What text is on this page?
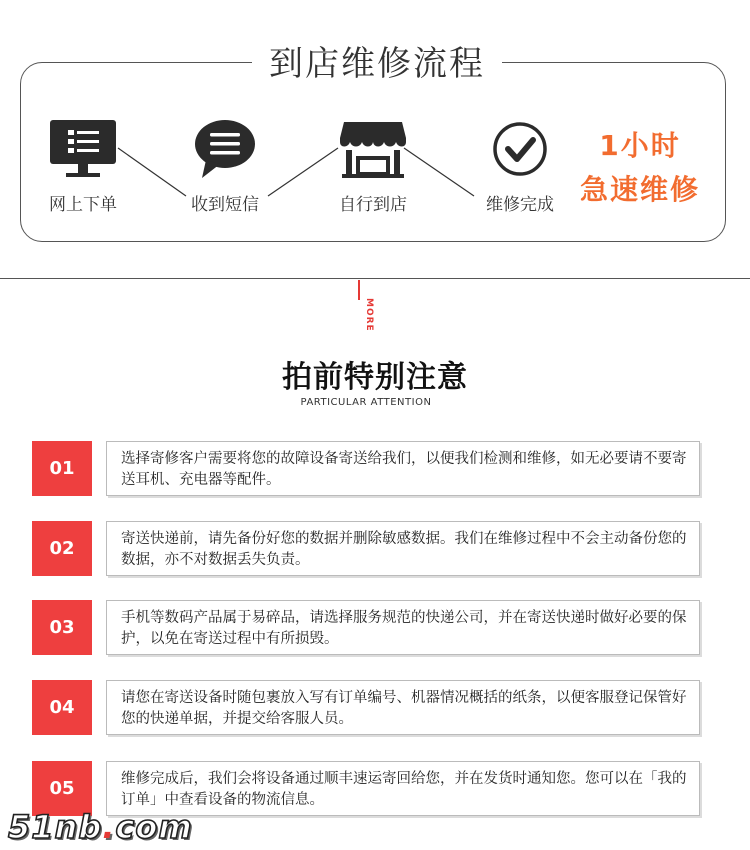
到店维修流程
网上下单	收到短信	自行到店	维修完成
1小时
急速维修
MORE
拍前特别注意
PARTICULAR ATTENTION
01	选择寄修客户需要将您的故障设备寄送给我们，以便我们检测和维修，如无必要请不要寄送耳机、充电器等配件。
02	寄送快递前，请先备份好您的数据并删除敏感数据。我们在维修过程中不会主动备份您的数据，亦不对数据丢失负责。
03	手机等数码产品属于易碎品，请选择服务规范的快递公司，并在寄送快递时做好必要的保护，以免在寄送过程中有所损毁。
04	请您在寄送设备时随包裹放入写有订单编号、机器情况概括的纸条，以便客服登记保管好您的快递单据，并提交给客服人员。
05	维修完成后，我们会将设备通过顺丰速运寄回给您，并在发货时通知您。您可以在「我的订单」中查看设备的物流信息。
51nb.com
